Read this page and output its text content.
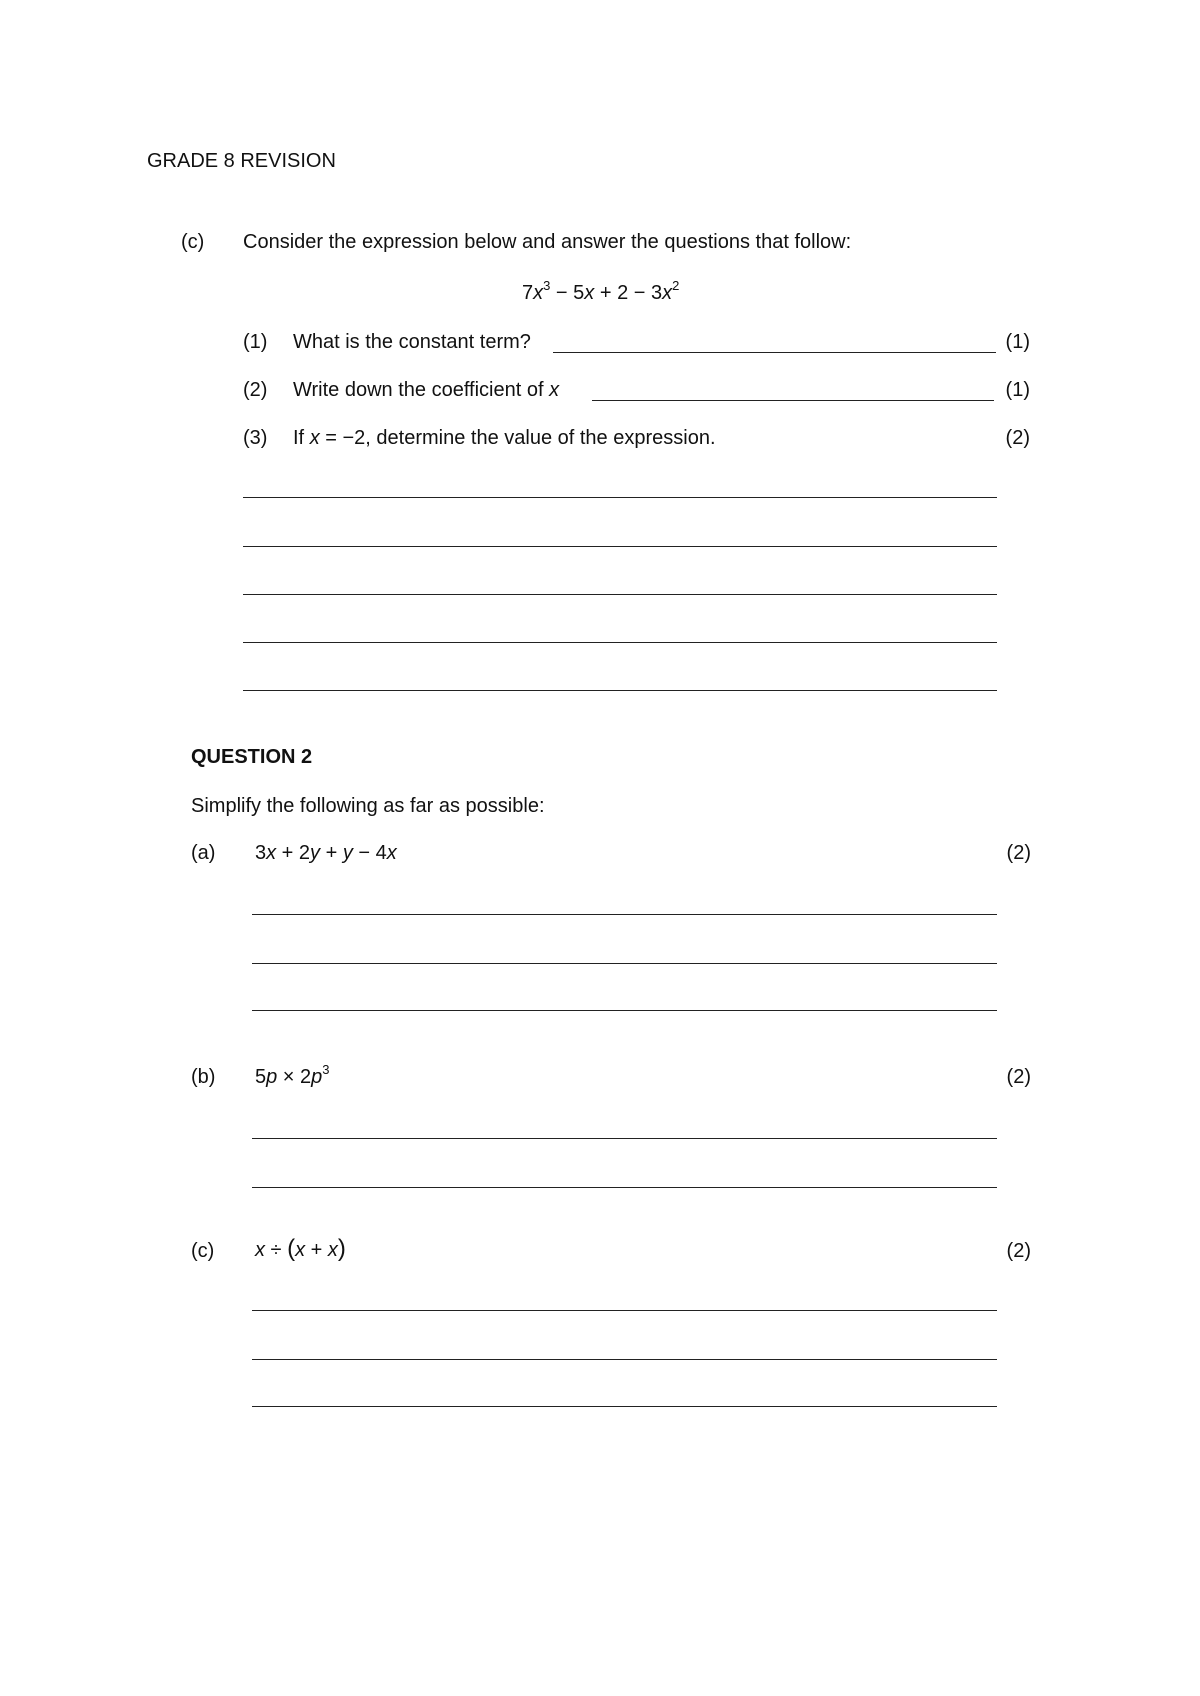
GRADE 8 REVISION
(c) Consider the expression below and answer the questions that follow:
$7x^3 - 5x + 2 - 3x^2$
(1) What is the constant term?	(1)
(2) Write down the coefficient of x	(1)
(3) If x = −2, determine the value of the expression.	(2)
QUESTION 2
Simplify the following as far as possible:
(a) 3x + 2y + y − 4x	(2)
(b) $5p \times 2p^3$	(2)
(c) x ÷ (x + x)	(2)
